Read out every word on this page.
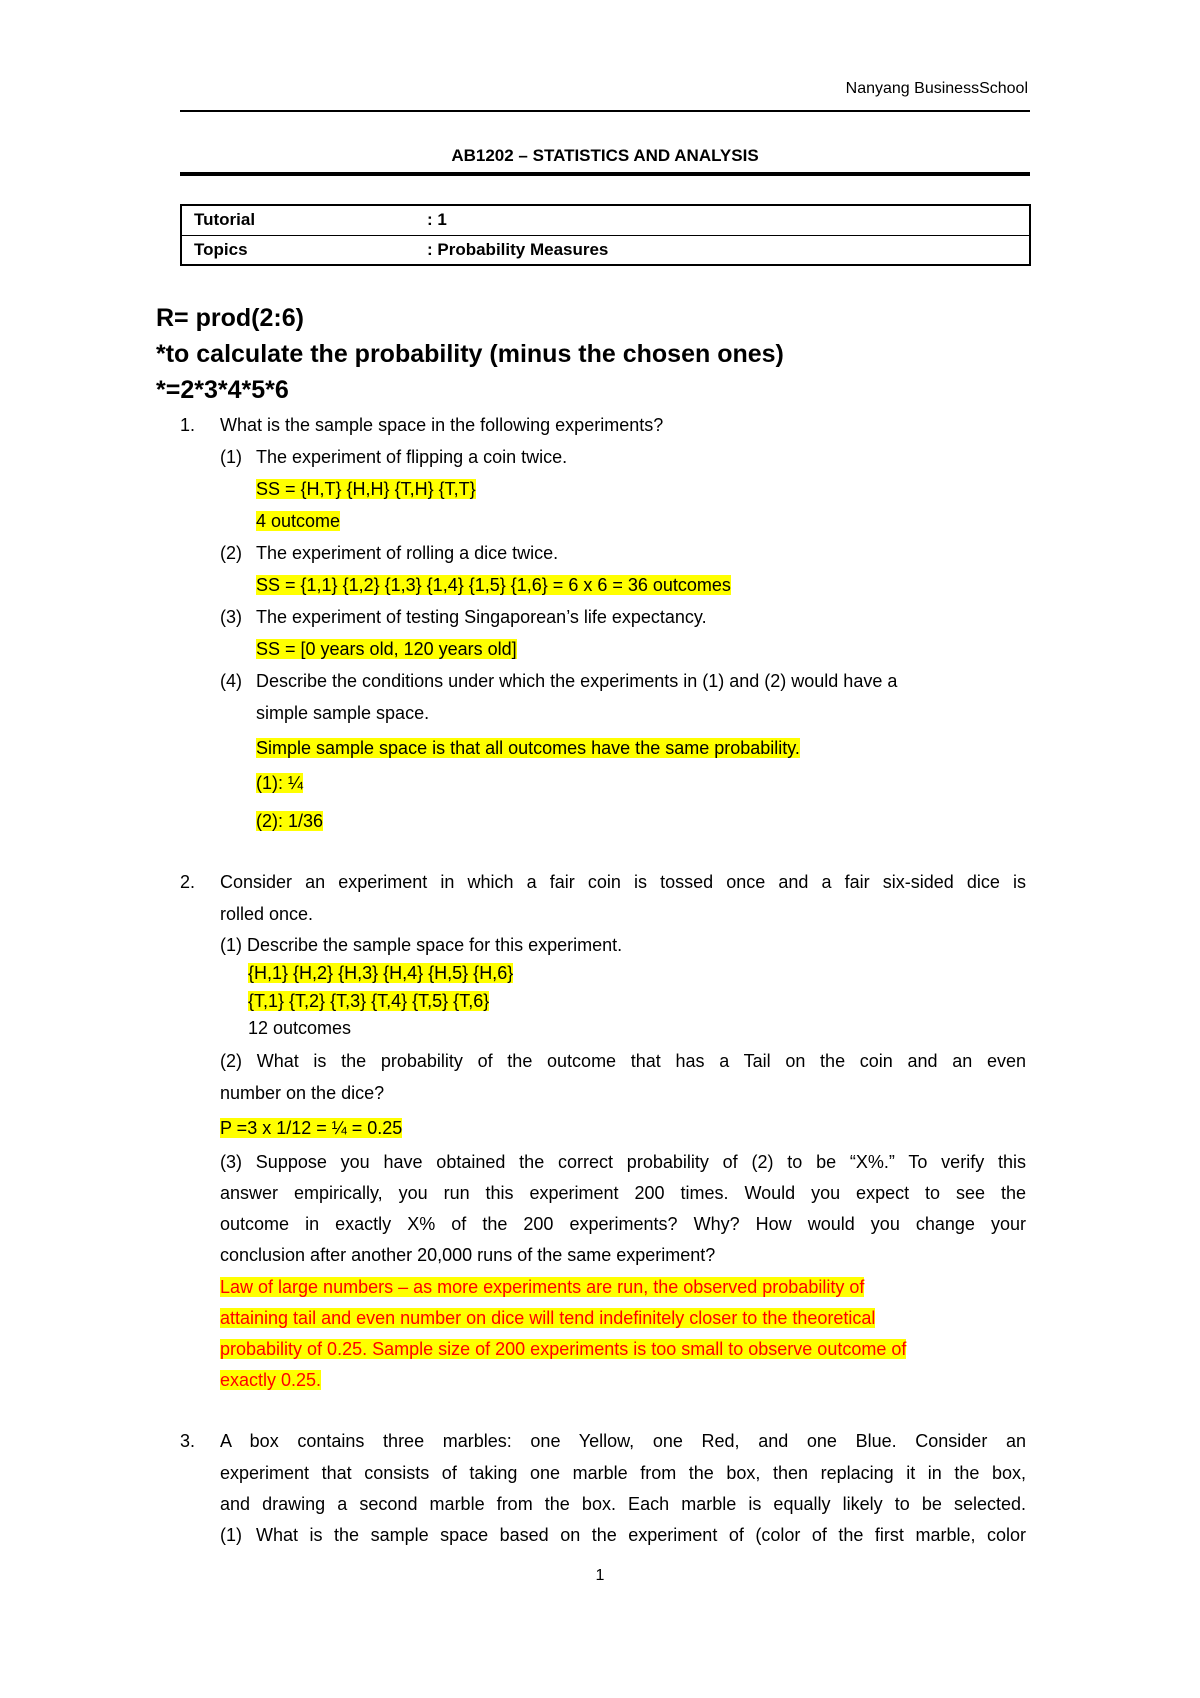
Nanyang BusinessSchool
AB1202 – STATISTICS AND ANALYSIS
Tutorial	: 1
Topics	: Probability Measures
R= prod(2:6)
*to calculate the probability (minus the chosen ones)
*=2*3*4*5*6
1. What is the sample space in the following experiments?
(1) The experiment of flipping a coin twice.
SS = {H,T} {H,H} {T,H} {T,T}
4 outcome
(2) The experiment of rolling a dice twice.
SS = {1,1} {1,2} {1,3} {1,4} {1,5} {1,6} = 6 x 6 = 36 outcomes
(3) The experiment of testing Singaporean’s life expectancy.
SS = [0 years old, 120 years old]
(4) Describe the conditions under which the experiments in (1) and (2) would have a
simple sample space.
Simple sample space is that all outcomes have the same probability.
(1): ¼
(2): 1/36
2. Consider an experiment in which a fair coin is tossed once and a fair six-sided dice is
rolled once.
(1) Describe the sample space for this experiment.
{H,1} {H,2} {H,3} {H,4} {H,5} {H,6}
{T,1} {T,2} {T,3} {T,4} {T,5} {T,6}
12 outcomes
(2) What is the probability of the outcome that has a Tail on the coin and an even
number on the dice?
P =3 x 1/12 = ¼ = 0.25
(3) Suppose you have obtained the correct probability of (2) to be “X%.” To verify this
answer empirically, you run this experiment 200 times. Would you expect to see the
outcome in exactly X% of the 200 experiments? Why? How would you change your
conclusion after another 20,000 runs of the same experiment?
Law of large numbers – as more experiments are run, the observed probability of
attaining tail and even number on dice will tend indefinitely closer to the theoretical
probability of 0.25. Sample size of 200 experiments is too small to observe outcome of
exactly 0.25.
3. A box contains three marbles: one Yellow, one Red, and one Blue. Consider an
experiment that consists of taking one marble from the box, then replacing it in the box,
and drawing a second marble from the box. Each marble is equally likely to be selected.
(1) What is the sample space based on the experiment of (color of the first marble, color
1
